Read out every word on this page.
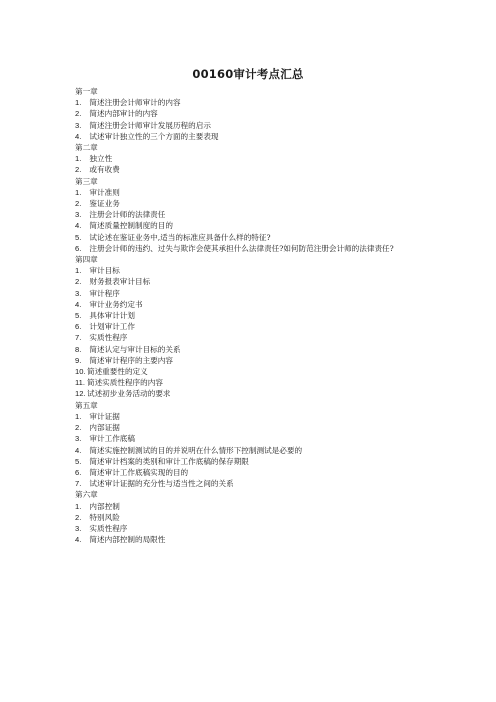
00160审计考点汇总
第一章
1. 简述注册会计师审计的内容
2. 简述内部审计的内容
3. 简述注册会计师审计发展历程的启示
4. 试述审计独立性的三个方面的主要表现
第二章
1. 独立性
2. 或有收费
第三章
1. 审计准则
2. 鉴证业务
3. 注册会计师的法律责任
4. 简述质量控制制度的目的
5. 试论述在鉴证业务中,适当的标准应具备什么样的特征?
6. 注册会计师的违约、过失与欺诈会使其承担什么法律责任?如何防范注册会计师的法律责任?
第四章
1. 审计目标
2. 财务报表审计目标
3. 审计程序
4. 审计业务约定书
5. 具体审计计划
6. 计划审计工作
7. 实质性程序
8. 简述认定与审计目标的关系
9. 简述审计程序的主要内容
10.简述重要性的定义
11. 简述实质性程序的内容
12.试述初步业务活动的要求
第五章
1. 审计证据
2. 内部证据
3. 审计工作底稿
4. 简述实施控制测试的目的并说明在什么情形下控制测试是必要的
5. 简述审计档案的类别和审计工作底稿的保存期限
6. 简述审计工作底稿实现的目的
7. 试述审计证据的充分性与适当性之间的关系
第六章
1. 内部控制
2. 特别风险
3. 实质性程序
4. 简述内部控制的局限性
